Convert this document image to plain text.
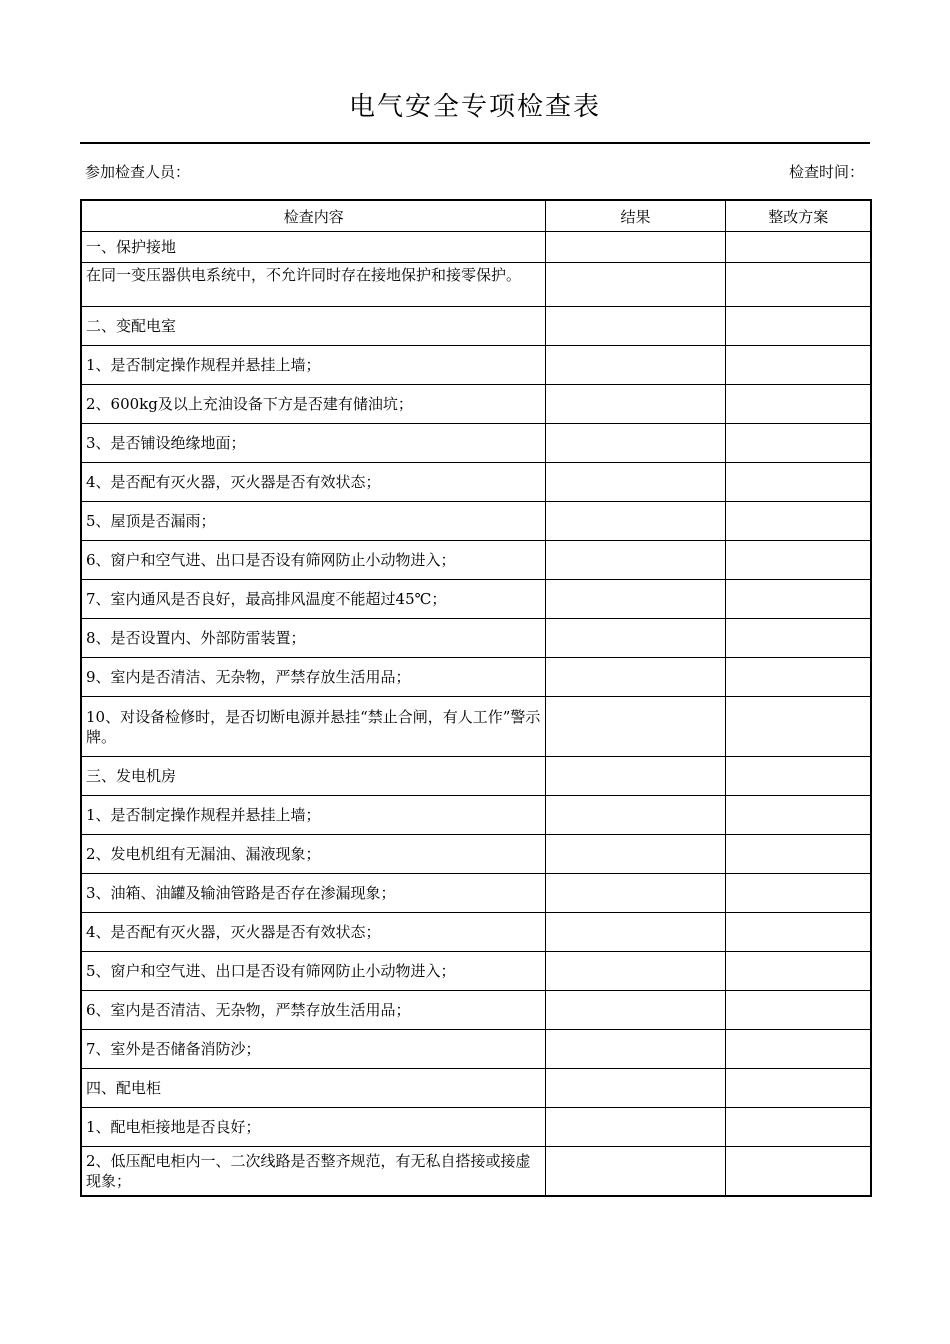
电气安全专项检查表
参加检查人员：	检查时间：
检查内容	结果	整改方案
一、保护接地		
在同一变压器供电系统中，不允许同时存在接地保护和接零保护。		
二、变配电室		
1、是否制定操作规程并悬挂上墙；		
2、600kg及以上充油设备下方是否建有储油坑；		
3、是否铺设绝缘地面；		
4、是否配有灭火器，灭火器是否有效状态；		
5、屋顶是否漏雨；		
6、窗户和空气进、出口是否设有筛网防止小动物进入；		
7、室内通风是否良好，最高排风温度不能超过45℃；		
8、是否设置内、外部防雷装置；		
9、室内是否清洁、无杂物，严禁存放生活用品；		
10、对设备检修时，是否切断电源并悬挂“禁止合闸，有人工作”警示牌。		
三、发电机房		
1、是否制定操作规程并悬挂上墙；		
2、发电机组有无漏油、漏液现象；		
3、油箱、油罐及输油管路是否存在渗漏现象；		
4、是否配有灭火器，灭火器是否有效状态；		
5、窗户和空气进、出口是否设有筛网防止小动物进入；		
6、室内是否清洁、无杂物，严禁存放生活用品；		
7、室外是否储备消防沙；		
四、配电柜		
1、配电柜接地是否良好；		
2、低压配电柜内一、二次线路是否整齐规范，有无私自搭接或接虚现象；		
